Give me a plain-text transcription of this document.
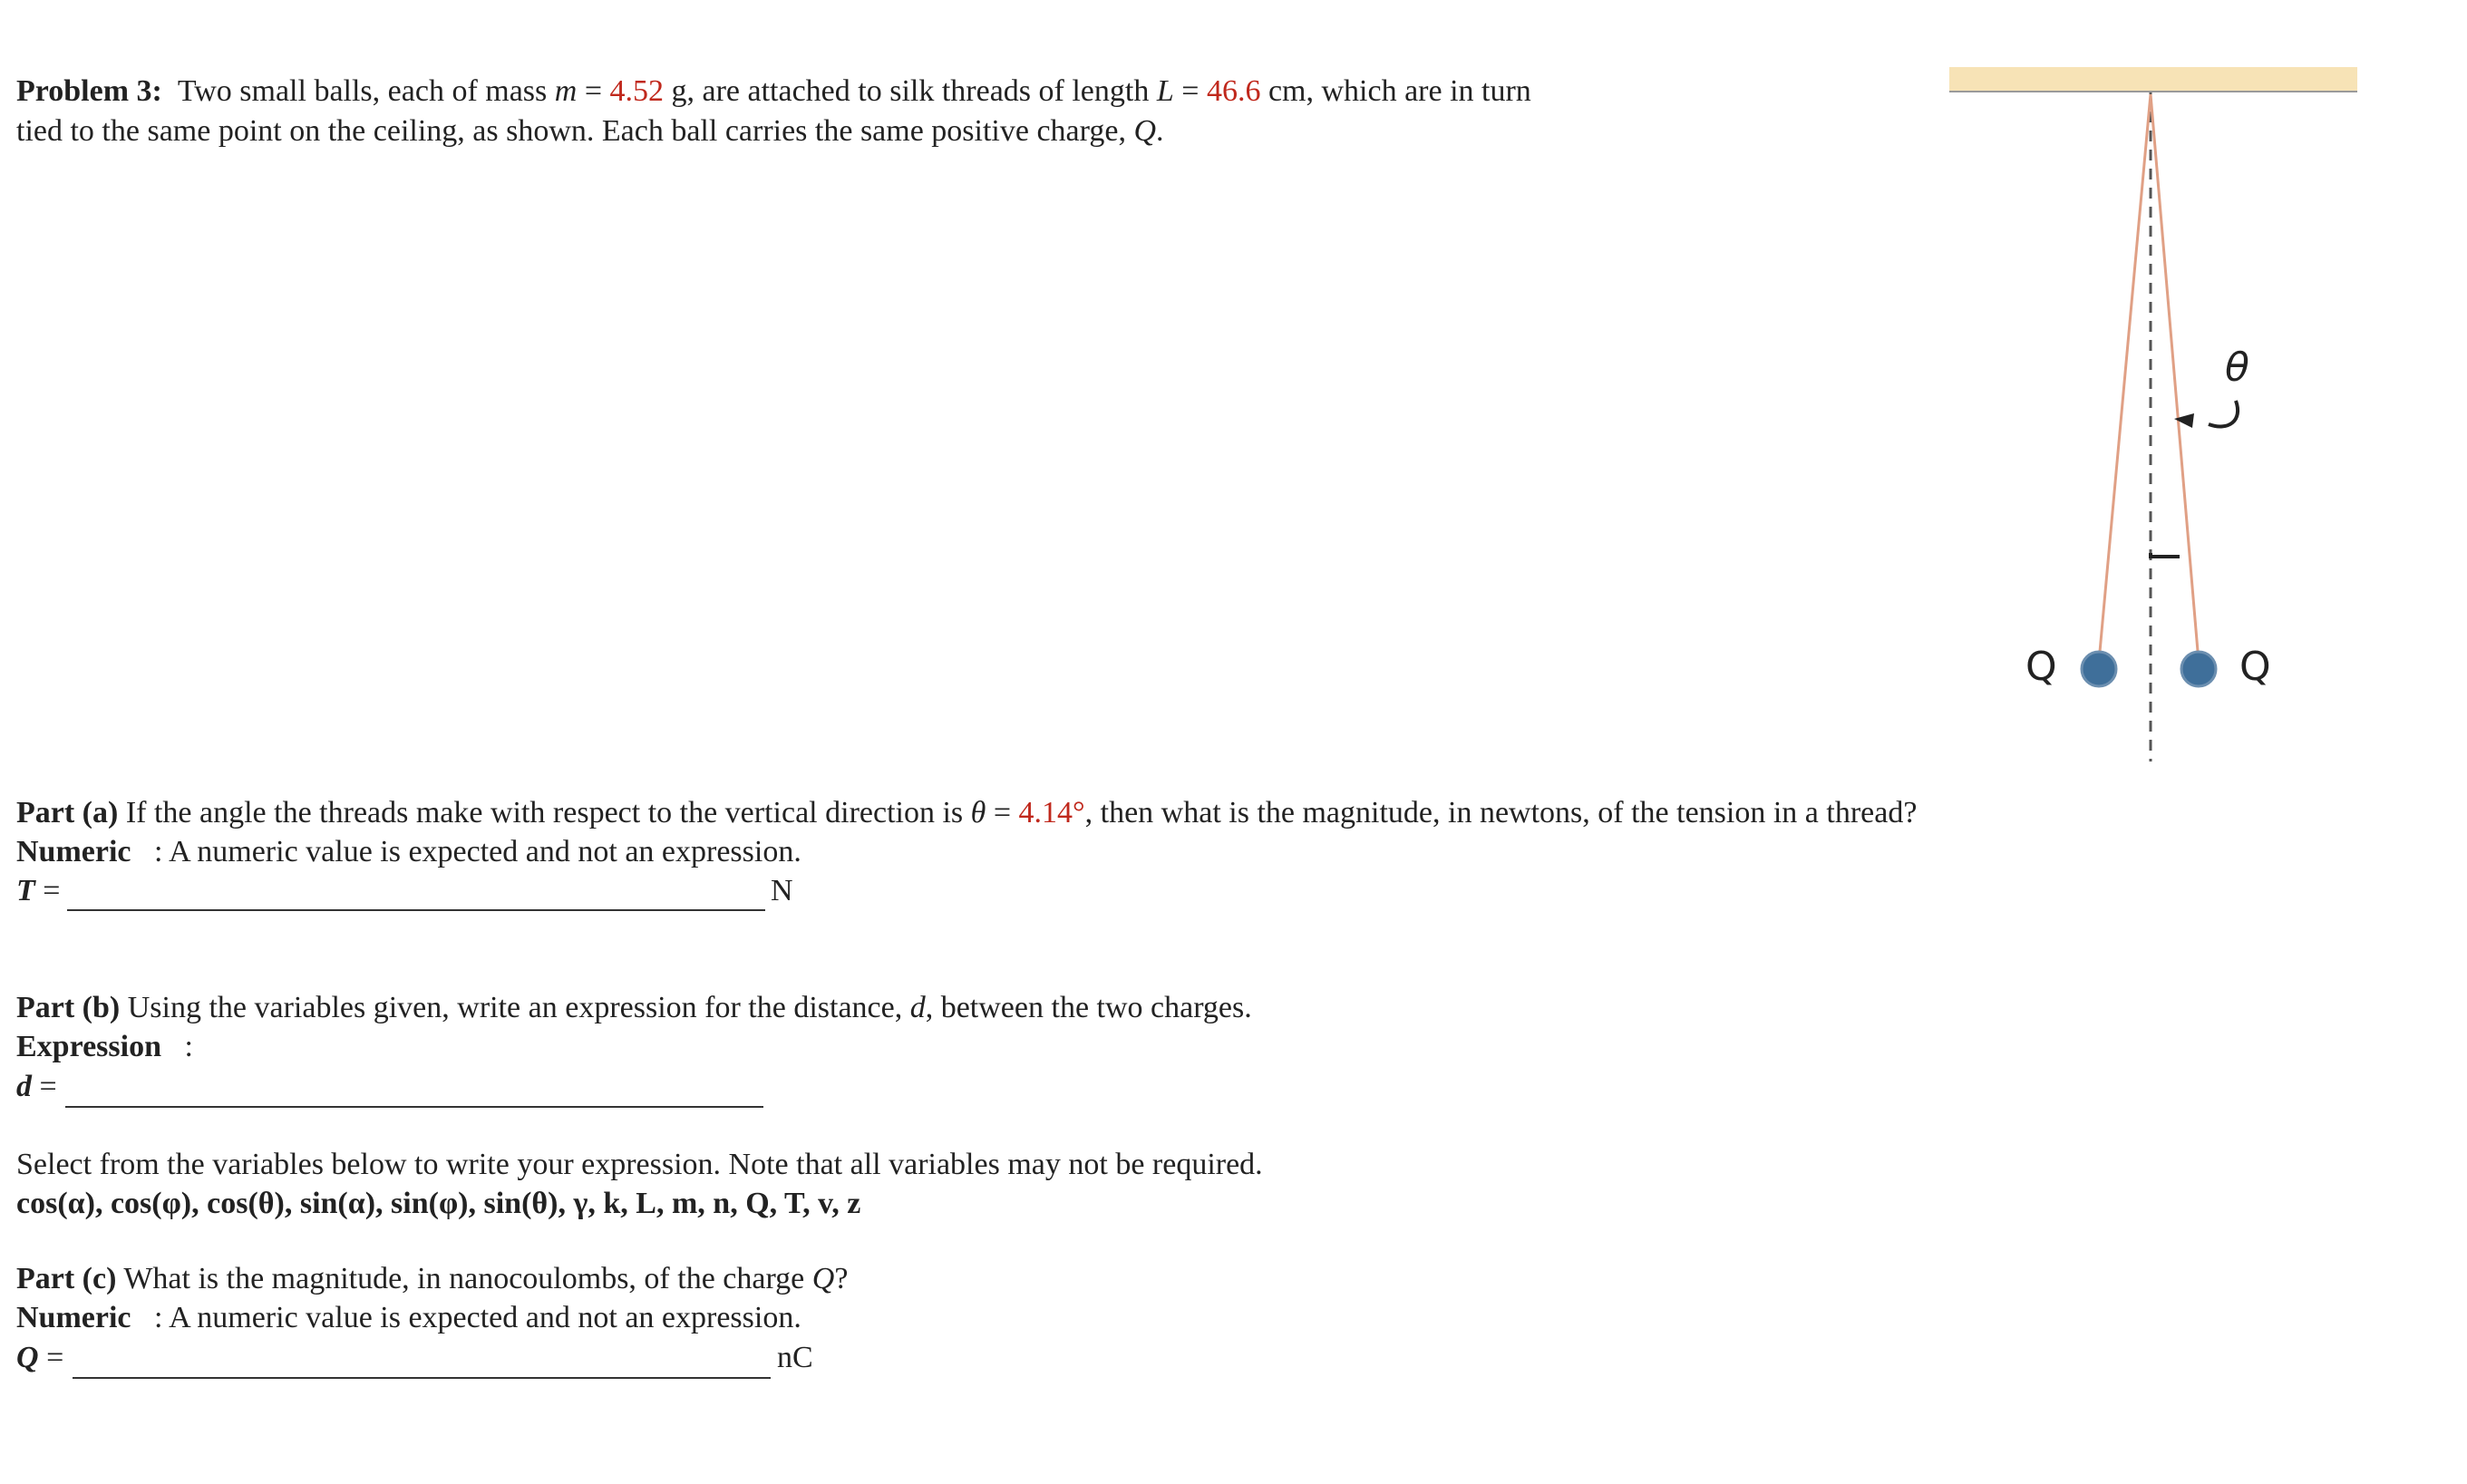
Problem 3: Two small balls, each of mass m = 4.52 g, are attached to silk threads of length L = 46.6 cm, which are in turn
tied to the same point on the ceiling, as shown. Each ball carries the same positive charge, Q.
θ
Q	Q
Part (a) If the angle the threads make with respect to the vertical direction is θ = 4.14°, then what is the magnitude, in newtons, of the tension in a thread?
Numeric : A numeric value is expected and not an expression.
T =	N
Part (b) Using the variables given, write an expression for the distance, d, between the two charges.
Expression :
d =
Select from the variables below to write your expression. Note that all variables may not be required.
cos(α), cos(φ), cos(θ), sin(α), sin(φ), sin(θ), γ, k, L, m, n, Q, T, v, z
Part (c) What is the magnitude, in nanocoulombs, of the charge Q?
Numeric : A numeric value is expected and not an expression.
Q =	nC
